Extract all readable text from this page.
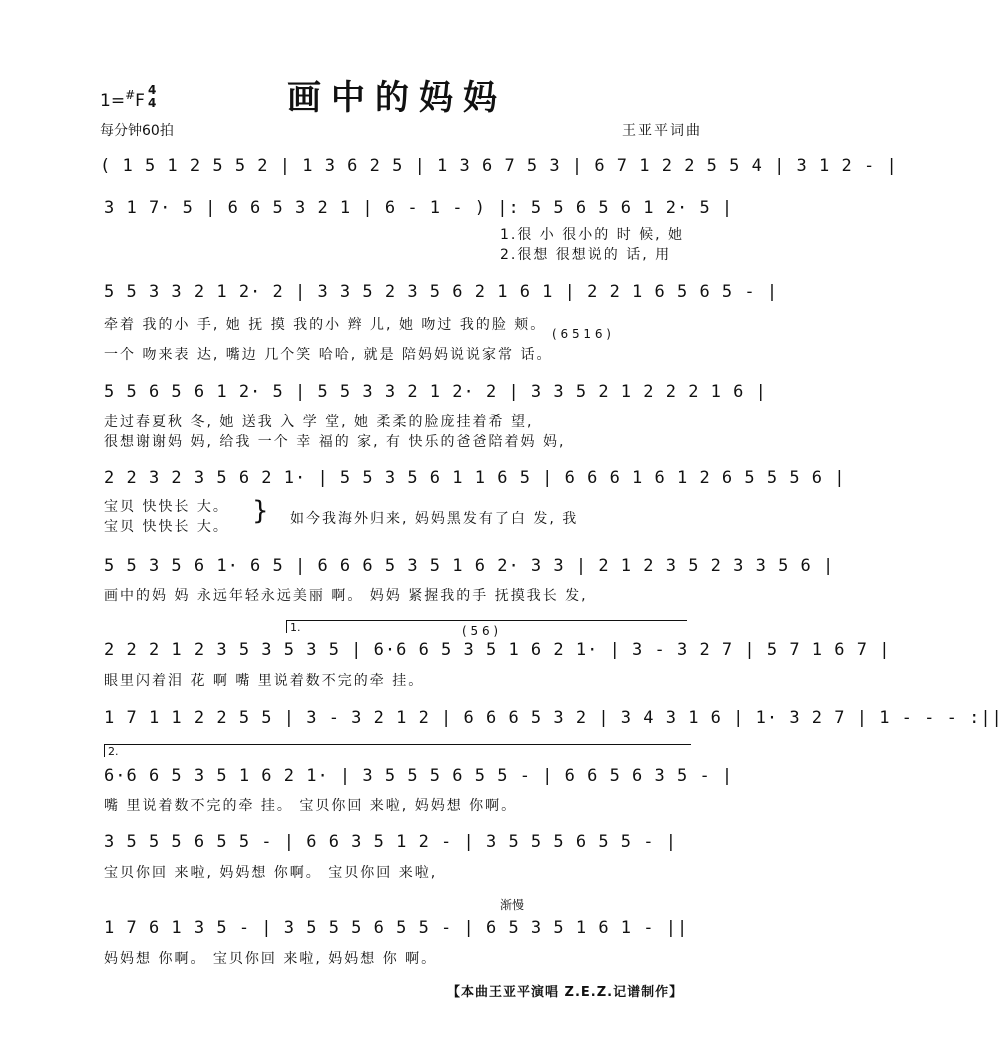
1=#F
4
4	画中的妈妈
每分钟60拍	王亚平词曲
( 1 5 1 2 5 5 2 | 1 3 6 2 5 | 1 3 6 7 5 3 | 6 7 1 2 2 5 5 4 | 3 1 2 - |
3 1 7· 5 | 6 6 5 3 2 1 | 6 - 1 - ) |: 5 5 6 5 6 1 2· 5 |
1.很 小 很小的 时 候, 她
2.很想 很想说的 话, 用
5 5 3 3 2 1 2· 2 | 3 3 5 2 3 5 6 2 1 6 1 | 2 2 1 6 5 6 5 - |
牵着 我的小 手, 她 抚 摸 我的小 辫 儿, 她 吻过 我的脸 颊。
( 6 5 1 6 )
一个 吻来表 达, 嘴边 几个笑 哈哈, 就是 陪妈妈说说家常 话。
5 5 6 5 6 1 2· 5 | 5 5 3 3 2 1 2· 2 | 3 3 5 2 1 2 2 2 1 6 |
走过春夏秋 冬, 她 送我 入 学 堂, 她 柔柔的脸庞挂着希 望,
很想谢谢妈 妈, 给我 一个 幸 福的 家, 有 快乐的爸爸陪着妈 妈,
2 2 3 2 3 5 6 2 1· | 5 5 3 5 6 1 1 6 5 | 6 6 6 1 6 1 2 6 5 5 5 6 |
宝贝 快快长 大。
宝贝 快快长 大。
} 如今我海外归来, 妈妈黑发有了白 发, 我
5 5 3 5 6 1· 6 5 | 6 6 6 5 3 5 1 6 2· 3 3 | 2 1 2 3 5 2 3 3 5 6 |
画中的妈 妈 永远年轻永远美丽 啊。 妈妈 紧握我的手 抚摸我长 发,
1.	( 5 6 )
2 2 2 1 2 3 5 3 5 3 5 | 6·6 6 5 3 5 1 6 2 1· | 3 - 3 2 7 | 5 7 1 6 7 |
眼里闪着泪 花 啊 嘴 里说着数不完的牵 挂。
1 7 1 1 2 2 5 5 | 3 - 3 2 1 2 | 6 6 6 5 3 2 | 3 4 3 1 6 | 1· 3 2 7 | 1 - - - :||
2.
6·6 6 5 3 5 1 6 2 1· | 3 5 5 5 6 5 5 - | 6 6 5 6 3 5 - |
嘴 里说着数不完的牵 挂。 宝贝你回 来啦, 妈妈想 你啊。
3 5 5 5 6 5 5 - | 6 6 3 5 1 2 - | 3 5 5 5 6 5 5 - |
宝贝你回 来啦, 妈妈想 你啊。 宝贝你回 来啦,
渐慢
1 7 6 1 3 5 - | 3 5 5 5 6 5 5 - | 6 5 3 5 1 6 1 - ||
妈妈想 你啊。 宝贝你回 来啦, 妈妈想 你 啊。
【本曲王亚平演唱 Z.E.Z.记谱制作】
